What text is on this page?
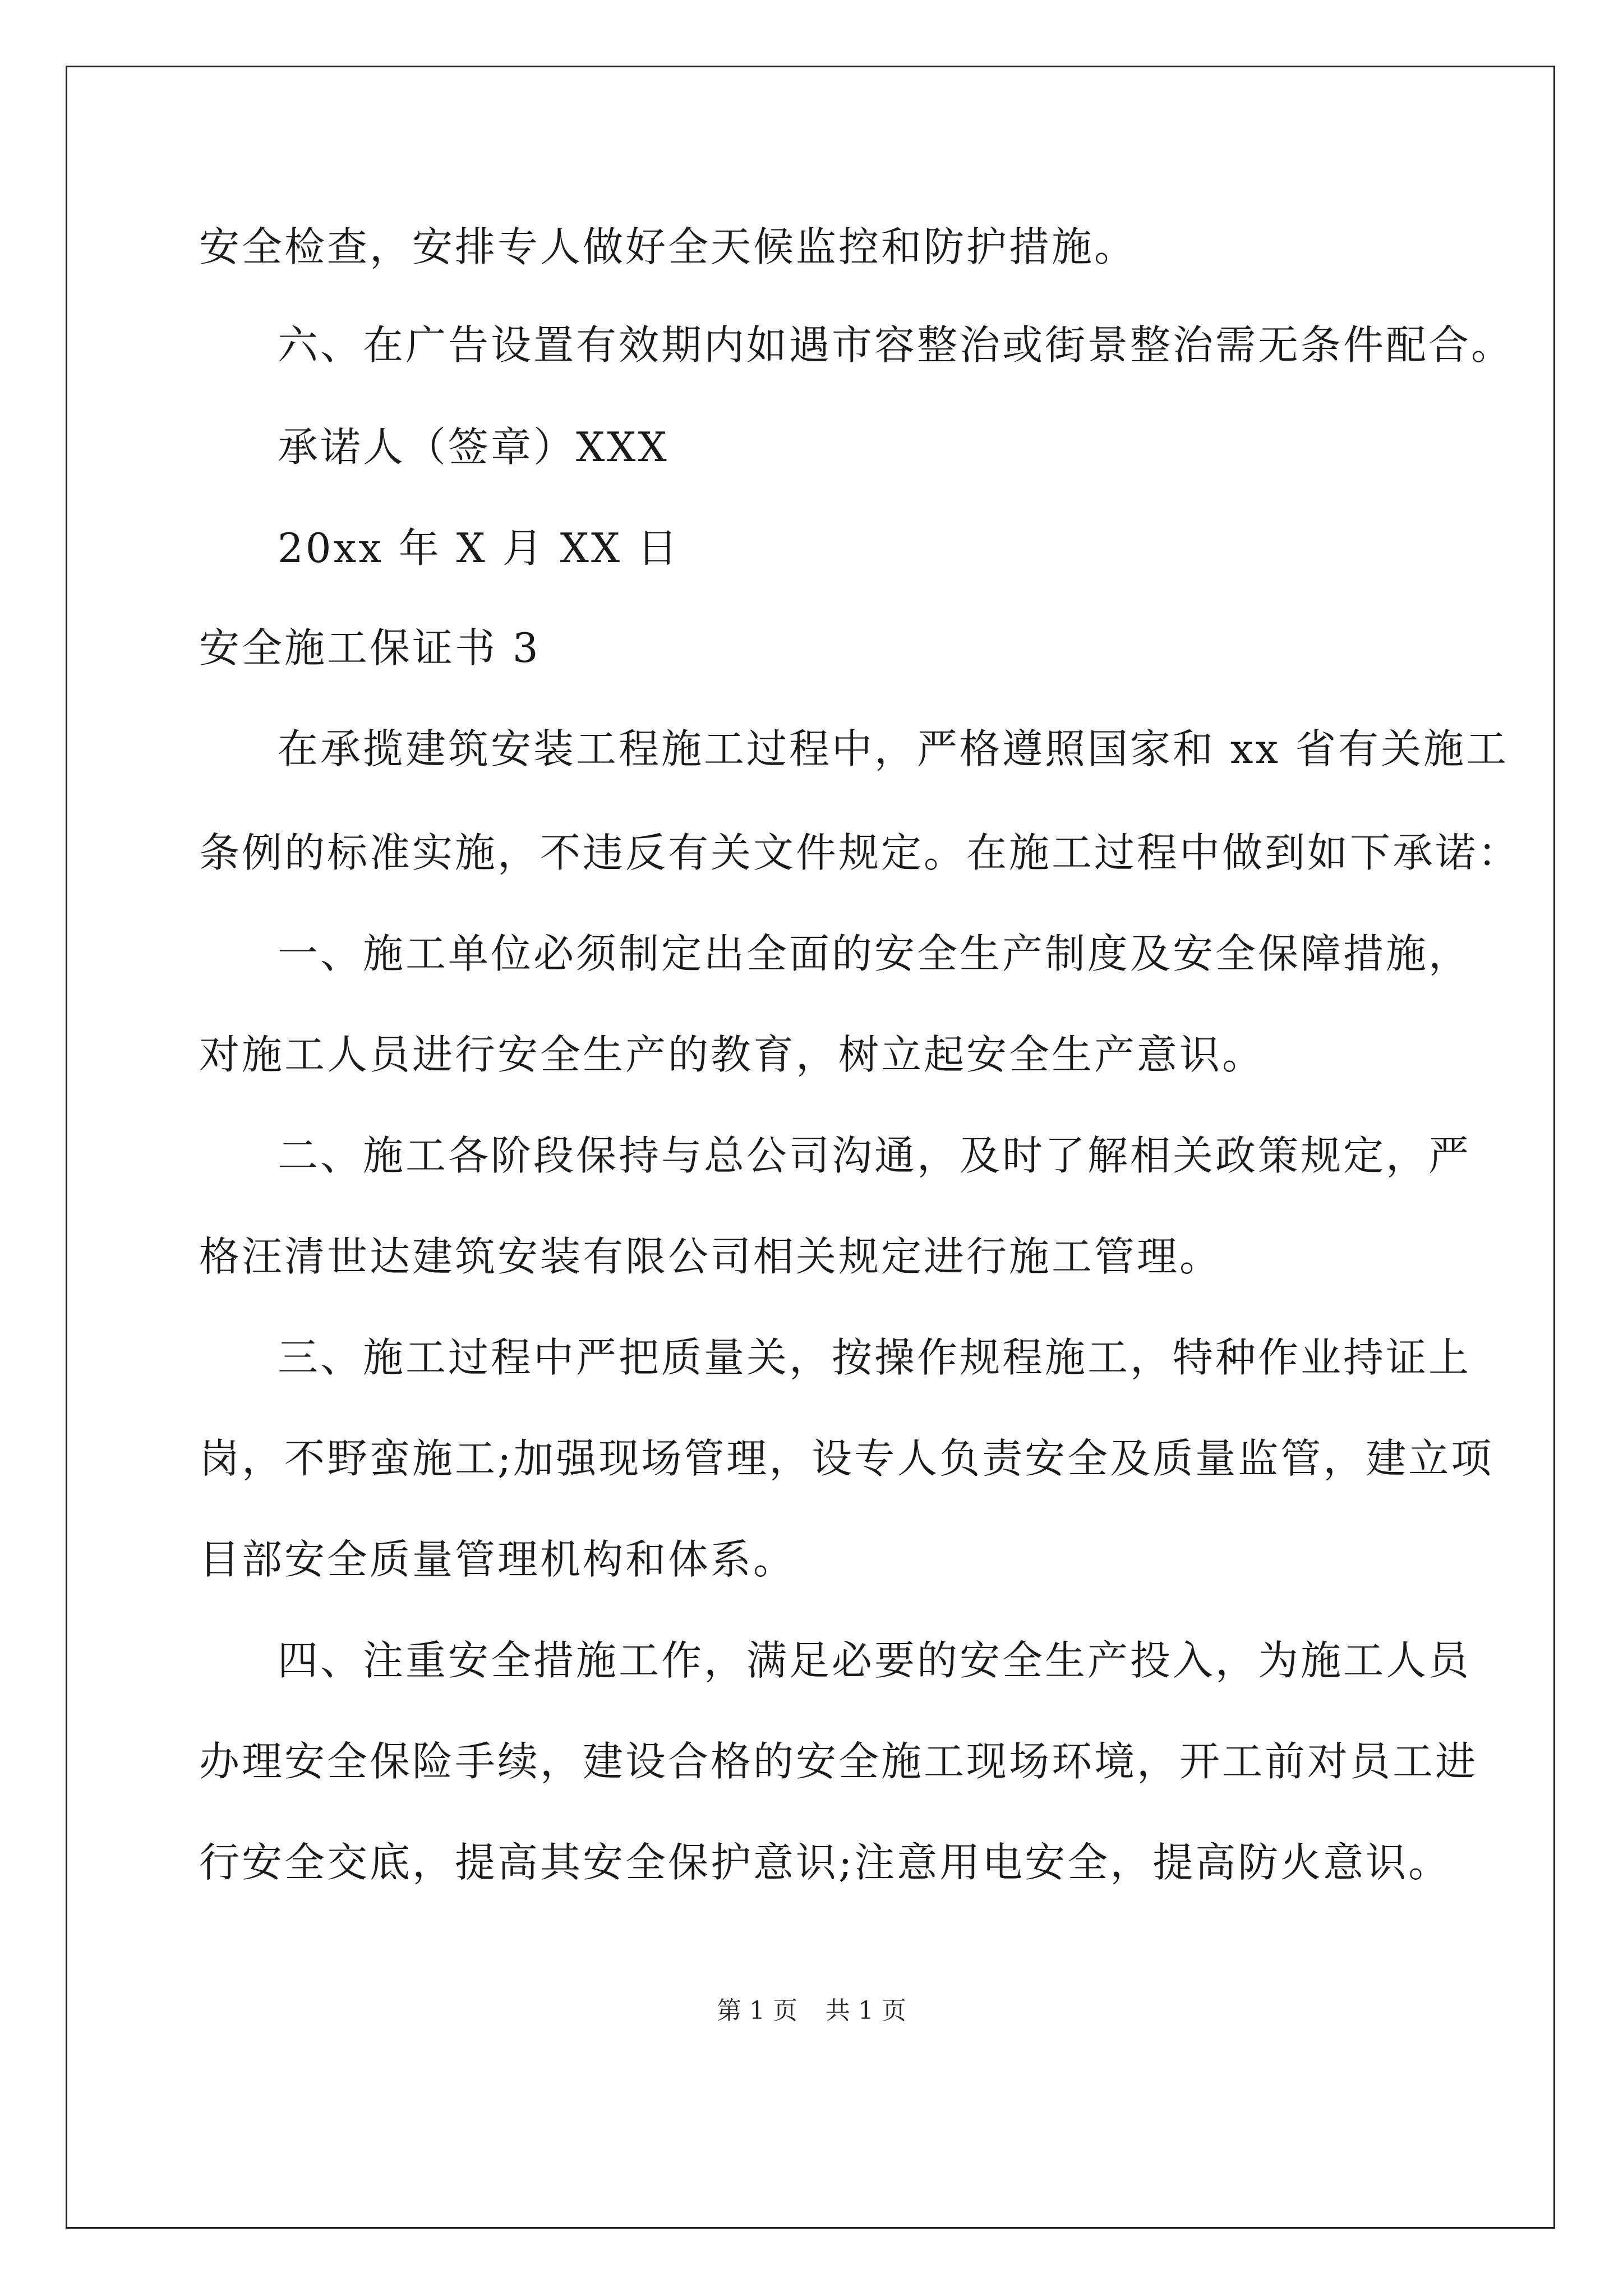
安全检查，安排专人做好全天候监控和防护措施。
六、在广告设置有效期内如遇市容整治或街景整治需无条件配合。
承诺人（签章）XXX
20xx 年 X 月 XX 日
安全施工保证书 3
在承揽建筑安装工程施工过程中，严格遵照国家和 xx 省有关施工
条例的标准实施，不违反有关文件规定。在施工过程中做到如下承诺：
一、施工单位必须制定出全面的安全生产制度及安全保障措施，
对施工人员进行安全生产的教育，树立起安全生产意识。
二、施工各阶段保持与总公司沟通，及时了解相关政策规定，严
格汪清世达建筑安装有限公司相关规定进行施工管理。
三、施工过程中严把质量关，按操作规程施工，特种作业持证上
岗，不野蛮施工;加强现场管理，设专人负责安全及质量监管，建立项
目部安全质量管理机构和体系。
四、注重安全措施工作，满足必要的安全生产投入，为施工人员
办理安全保险手续，建设合格的安全施工现场环境，开工前对员工进
行安全交底，提高其安全保护意识;注意用电安全，提高防火意识。
第 1 页 共 1 页
